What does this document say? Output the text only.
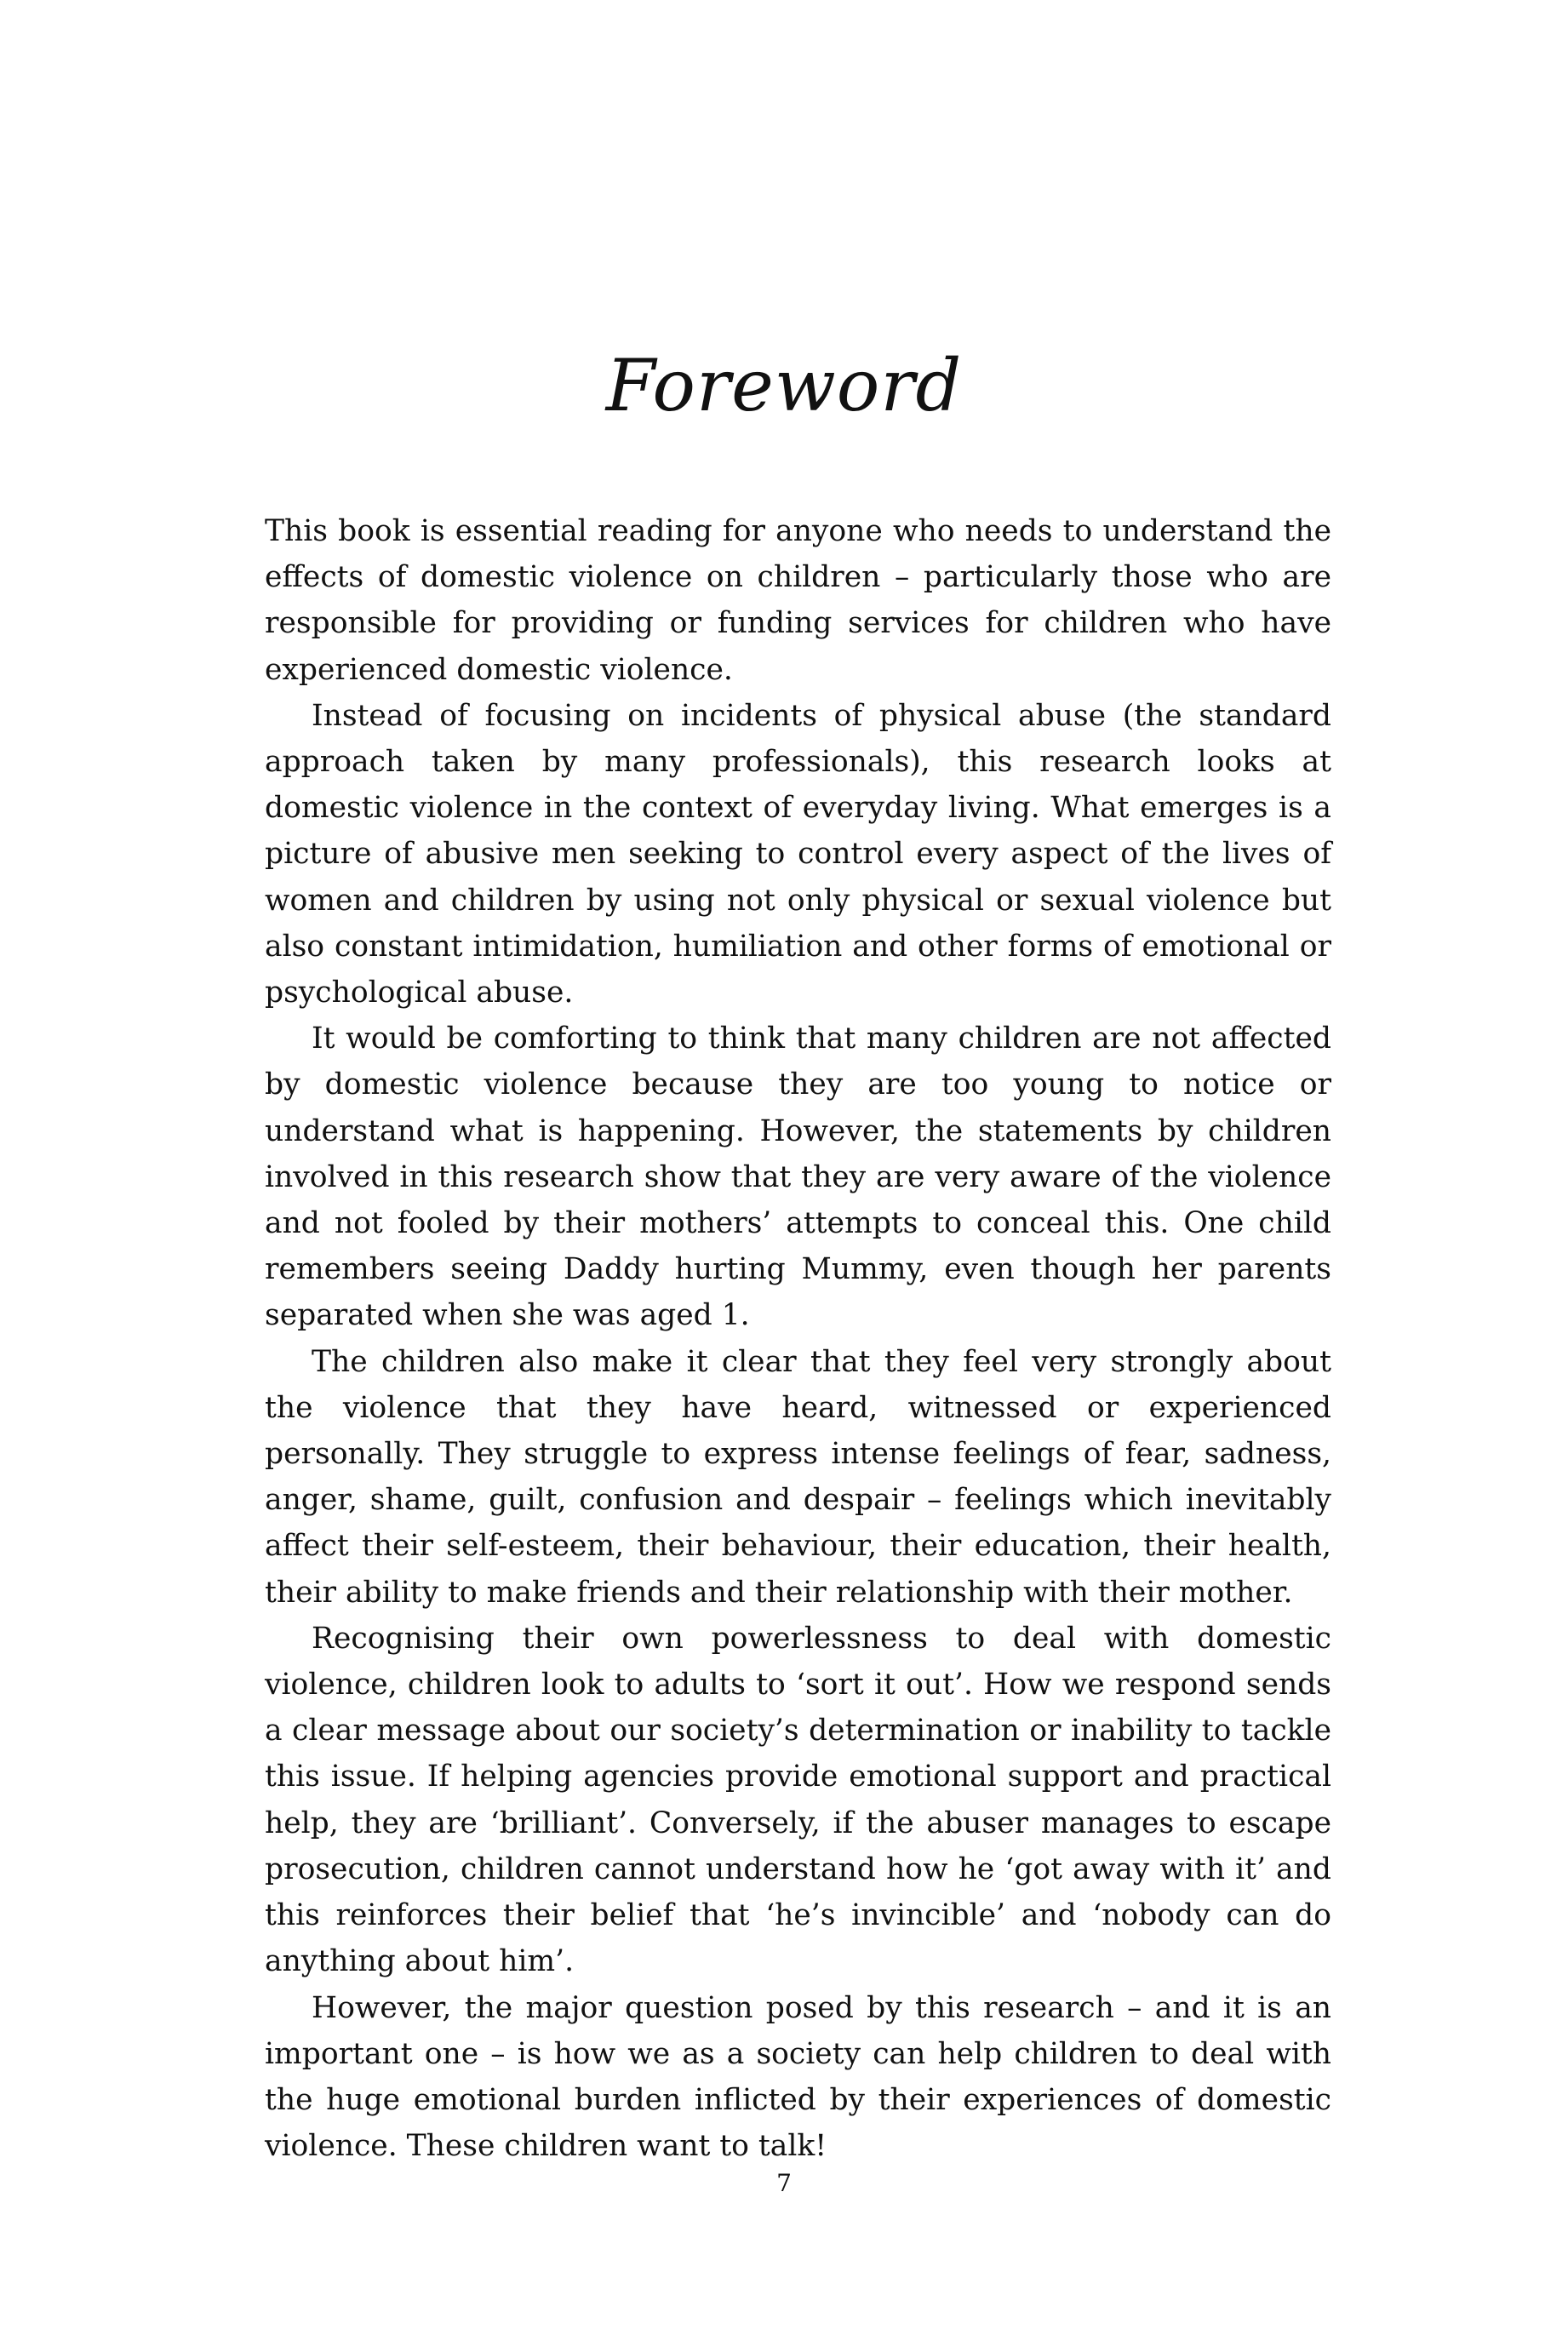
Foreword

This book is essential reading for anyone who needs to understand the effects of domestic violence on children – particularly those who are responsible for providing or funding services for children who have experienced domestic violence.

Instead of focusing on incidents of physical abuse (the standard approach taken by many professionals), this research looks at domestic violence in the context of everyday living. What emerges is a picture of abusive men seeking to control every aspect of the lives of women and children by using not only physical or sexual violence but also constant intimidation, humiliation and other forms of emotional or psychological abuse.

It would be comforting to think that many children are not affected by domestic violence because they are too young to notice or understand what is happening. However, the statements by children involved in this research show that they are very aware of the violence and not fooled by their mothers’ attempts to conceal this. One child remembers seeing Daddy hurting Mummy, even though her parents separated when she was aged 1.

The children also make it clear that they feel very strongly about the violence that they have heard, witnessed or experienced personally. They struggle to express intense feelings of fear, sadness, anger, shame, guilt, confusion and despair – feelings which inevitably affect their self-esteem, their behaviour, their education, their health, their ability to make friends and their relationship with their mother.

Recognising their own powerlessness to deal with domestic violence, children look to adults to ‘sort it out’. How we respond sends a clear message about our society’s determination or inability to tackle this issue. If helping agencies provide emotional support and practical help, they are ‘brilliant’. Conversely, if the abuser manages to escape prosecution, children cannot understand how he ‘got away with it’ and this reinforces their belief that ‘he’s invincible’ and ‘nobody can do anything about him’.

However, the major question posed by this research – and it is an important one – is how we as a society can help children to deal with the huge emotional burden inflicted by their experiences of domestic violence. These children want to talk!

7
